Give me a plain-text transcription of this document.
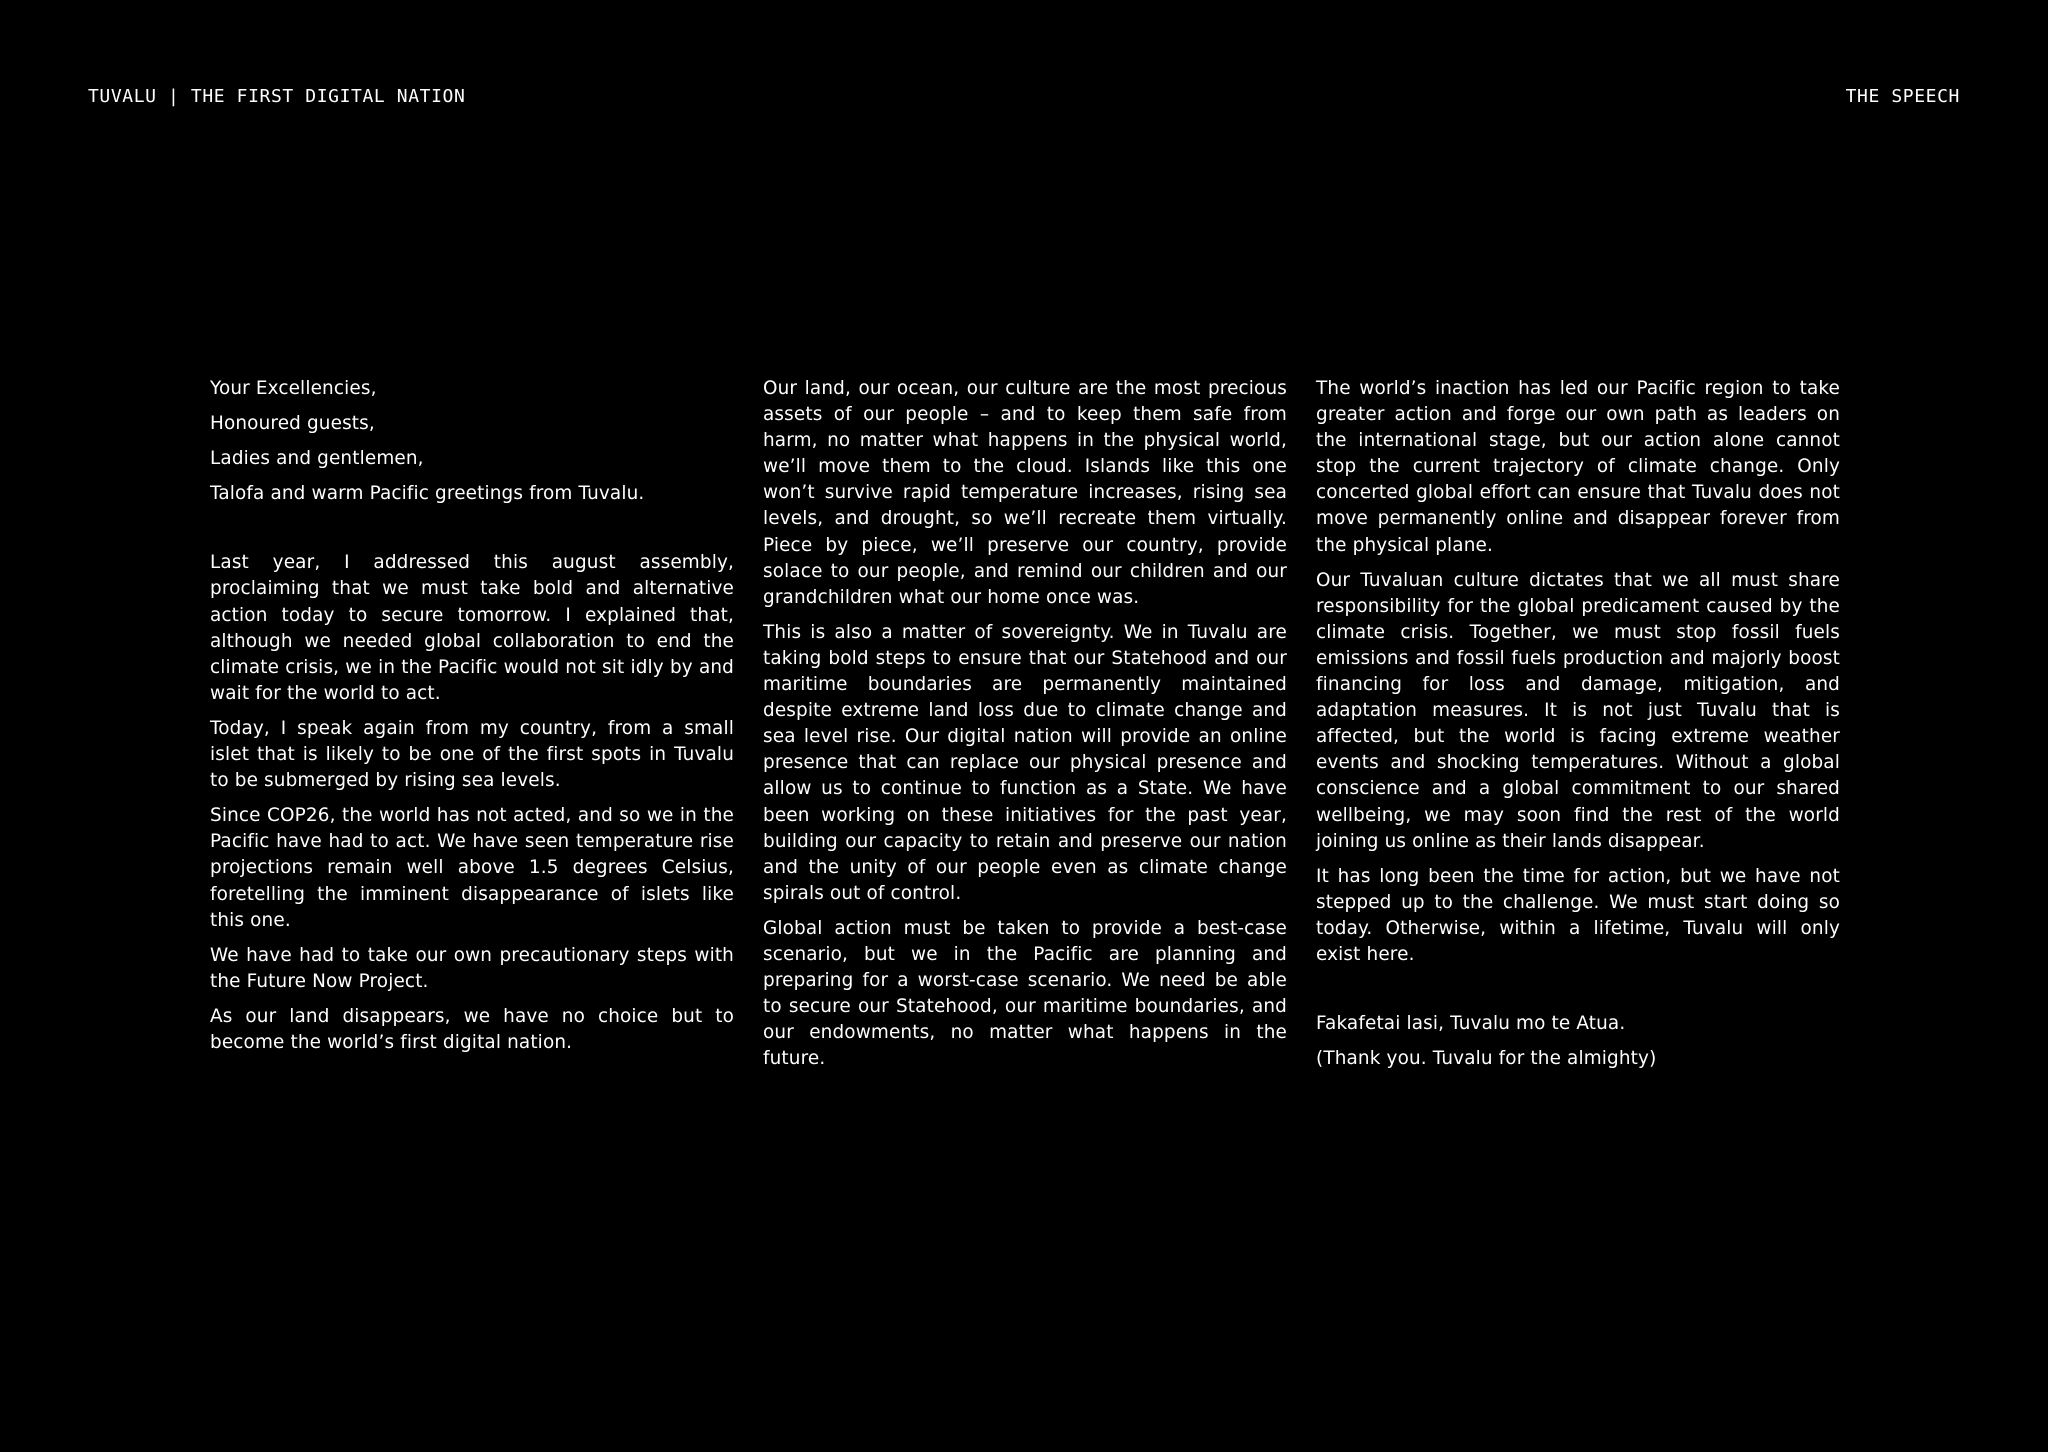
TUVALU | THE FIRST DIGITAL NATION	THE SPEECH

Your Excellencies,

Honoured guests,

Ladies and gentlemen,

Talofa and warm Pacific greetings from Tuvalu.

Last year, I addressed this august assembly, proclaiming that we must take bold and alternative action today to secure tomorrow. I explained that, although we needed global collaboration to end the climate crisis, we in the Pacific would not sit idly by and wait for the world to act.

Today, I speak again from my country, from a small islet that is likely to be one of the first spots in Tuvalu to be submerged by rising sea levels.

Since COP26, the world has not acted, and so we in the Pacific have had to act. We have seen temperature rise projections remain well above 1.5 degrees Celsius, foretelling the imminent disappearance of islets like this one.

We have had to take our own precautionary steps with the Future Now Project.

As our land disappears, we have no choice but to become the world’s first digital nation.

Our land, our ocean, our culture are the most precious assets of our people – and to keep them safe from harm, no matter what happens in the physical world, we’ll move them to the cloud. Islands like this one won’t survive rapid temperature increases, rising sea levels, and drought, so we’ll recreate them virtually. Piece by piece, we’ll preserve our country, provide solace to our people, and remind our children and our grandchildren what our home once was.

This is also a matter of sovereignty. We in Tuvalu are taking bold steps to ensure that our Statehood and our maritime boundaries are permanently maintained despite extreme land loss due to climate change and sea level rise. Our digital nation will provide an online presence that can replace our physical presence and allow us to continue to function as a State. We have been working on these initiatives for the past year, building our capacity to retain and preserve our nation and the unity of our people even as climate change spirals out of control.

Global action must be taken to provide a best-case scenario, but we in the Pacific are planning and preparing for a worst-case scenario. We need be able to secure our Statehood, our maritime boundaries, and our endowments, no matter what happens in the future.

The world’s inaction has led our Pacific region to take greater action and forge our own path as leaders on the international stage, but our action alone cannot stop the current trajectory of climate change. Only concerted global effort can ensure that Tuvalu does not move permanently online and disappear forever from the physical plane.

Our Tuvaluan culture dictates that we all must share responsibility for the global predicament caused by the climate crisis. Together, we must stop fossil fuels emissions and fossil fuels production and majorly boost financing for loss and damage, mitigation, and adaptation measures. It is not just Tuvalu that is affected, but the world is facing extreme weather events and shocking temperatures. Without a global conscience and a global commitment to our shared wellbeing, we may soon find the rest of the world joining us online as their lands disappear.

It has long been the time for action, but we have not stepped up to the challenge. We must start doing so today. Otherwise, within a lifetime, Tuvalu will only exist here.

Fakafetai lasi, Tuvalu mo te Atua.

(Thank you. Tuvalu for the almighty)
